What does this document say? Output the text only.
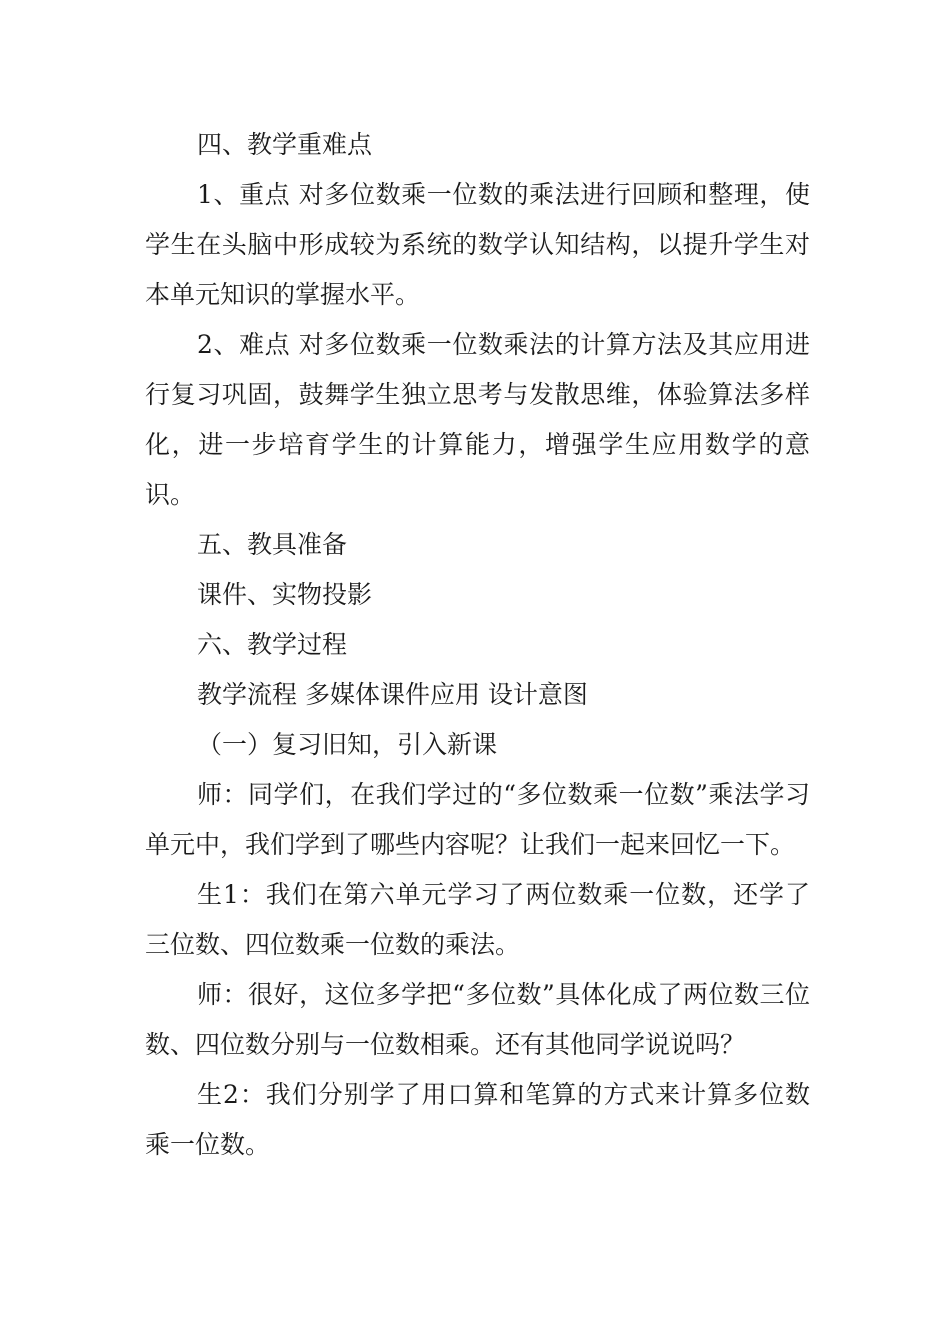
四、教学重难点

1、重点 对多位数乘一位数的乘法进行回顾和整理，使学生在头脑中形成较为系统的数学认知结构，以提升学生对本单元知识的掌握水平。

2、难点 对多位数乘一位数乘法的计算方法及其应用进行复习巩固，鼓舞学生独立思考与发散思维，体验算法多样化，进一步培育学生的计算能力，增强学生应用数学的意识。

五、教具准备

课件、实物投影

六、教学过程

教学流程 多媒体课件应用 设计意图

（一）复习旧知，引入新课

师：同学们，在我们学过的“多位数乘一位数”乘法学习单元中，我们学到了哪些内容呢？让我们一起来回忆一下。

生1：我们在第六单元学习了两位数乘一位数，还学了三位数、四位数乘一位数的乘法。

师：很好，这位多学把“多位数”具体化成了两位数三位数、四位数分别与一位数相乘。还有其他同学说说吗？

生2：我们分别学了用口算和笔算的方式来计算多位数乘一位数。
